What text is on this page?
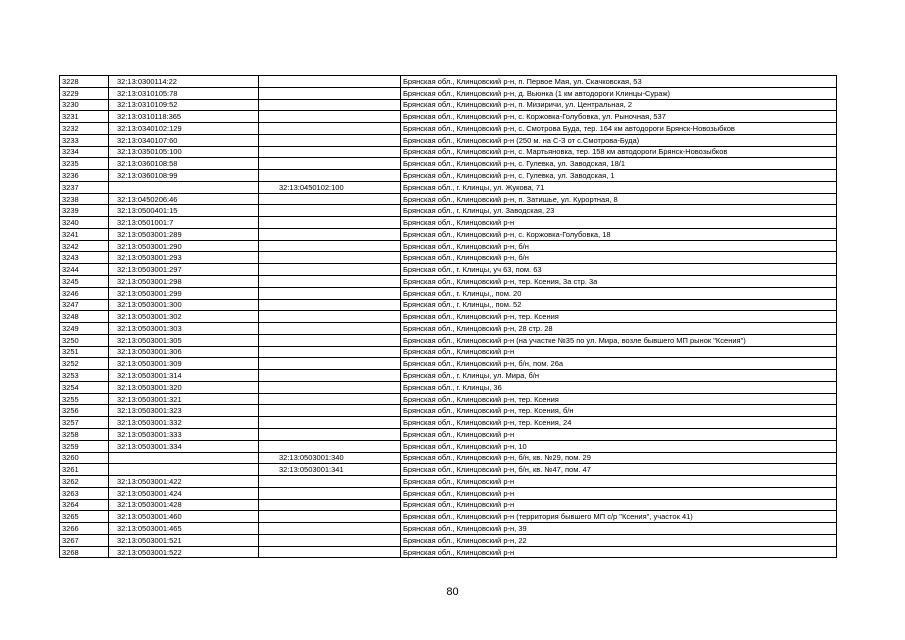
3228	32:13:0300114:22		Брянская обл., Клинцовский р-н, п. Первое Мая, ул. Скачковская, 53
3229	32:13:0310105:78		Брянская обл., Клинцовский р-н, д. Вьюнка (1 км автодороги Клинцы-Сураж)
3230	32:13:0310109:52		Брянская обл., Клинцовский р-н, п. Мизиричи, ул. Центральная, 2
3231	32:13:0310118:365		Брянская обл., Клинцовский р-н, с. Коржовка-Голубовка, ул. Рыночная, 537
3232	32:13:0340102:129		Брянская обл., Клинцовский р-н, с. Смотрова Буда, тер. 164 км автодороги Брянск-Новозыбков
3233	32:13:0340107:60		Брянская обл., Клинцовский р-н (250 м. на С-З от с.Смотрова-Буда)
3234	32:13:0350105:100		Брянская обл., Клинцовский р-н, с. Мартьяновка, тер. 158 км автодороги Брянск-Новозыбков
3235	32:13:0360108:58		Брянская обл., Клинцовский р-н, с. Гулевка, ул. Заводская, 18/1
3236	32:13:0360108:99		Брянская обл., Клинцовский р-н, с. Гулевка, ул. Заводская, 1
3237		32:13:0450102:100	Брянская обл., г. Клинцы, ул. Жукова, 71
3238	32:13:0450206:46		Брянская обл., Клинцовский р-н, п. Затишье, ул. Курортная, 8
3239	32:13:0500401:15		Брянская обл., г. Клинцы, ул. Заводская, 23
3240	32:13:0501001:7		Брянская обл., Клинцовский р-н
3241	32:13:0503001:289		Брянская обл., Клинцовский р-н, с. Коржовка-Голубовка, 18
3242	32:13:0503001:290		Брянская обл., Клинцовский р-н, б/н
3243	32:13:0503001:293		Брянская обл., Клинцовский р-н, б/н
3244	32:13:0503001:297		Брянская обл., г. Клинцы, уч 63, пом. 63
3245	32:13:0503001:298		Брянская обл., Клинцовский р-н, тер. Ксения, 3а стр. 3а
3246	32:13:0503001:299		Брянская обл., г. Клинцы,, пом. 20
3247	32:13:0503001:300		Брянская обл., г. Клинцы,, пом. 52
3248	32:13:0503001:302		Брянская обл., Клинцовский р-н, тер. Ксения
3249	32:13:0503001:303		Брянская обл., Клинцовский р-н, 28 стр. 28
3250	32:13:0503001:305		Брянская обл., Клинцовский р-н (на участке №35 по ул. Мира, возле бывшего МП рынок "Ксения")
3251	32:13:0503001:306		Брянская обл., Клинцовский р-н
3252	32:13:0503001:309		Брянская обл., Клинцовский р-н, б/н, пом. 26а
3253	32:13:0503001:314		Брянская обл., г. Клинцы, ул. Мира, б/н
3254	32:13:0503001:320		Брянская обл., г. Клинцы, 36
3255	32:13:0503001:321		Брянская обл., Клинцовский р-н, тер. Ксения
3256	32:13:0503001:323		Брянская обл., Клинцовский р-н, тер. Ксения, б/н
3257	32:13:0503001:332		Брянская обл., Клинцовский р-н, тер. Ксения, 24
3258	32:13:0503001:333		Брянская обл., Клинцовский р-н
3259	32:13:0503001:334		Брянская обл., Клинцовский р-н, 10
3260		32:13:0503001:340	Брянская обл., Клинцовский р-н, б/н, кв. №29, пом. 29
3261		32:13:0503001:341	Брянская обл., Клинцовский р-н, б/н, кв. №47, пом. 47
3262	32:13:0503001:422		Брянская обл., Клинцовский р-н
3263	32:13:0503001:424		Брянская обл., Клинцовский р-н
3264	32:13:0503001:428		Брянская обл., Клинцовский р-н
3265	32:13:0503001:460		Брянская обл., Клинцовский р-н (территория бывшего МП с/р "Ксения", участок 41)
3266	32:13:0503001:465		Брянская обл., Клинцовский р-н, 39
3267	32:13:0503001:521		Брянская обл., Клинцовский р-н, 22
3268	32:13:0503001:522		Брянская обл., Клинцовский р-н
80
